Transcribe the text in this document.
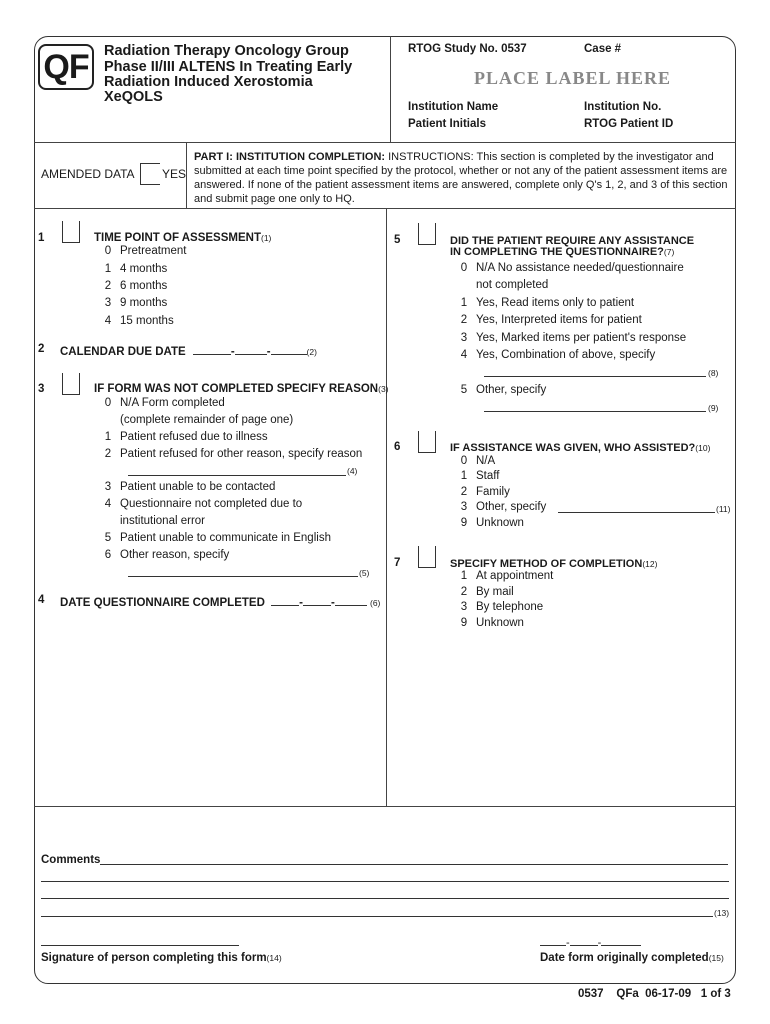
QF	Radiation Therapy Oncology Group
Phase II/III ALTENS In Treating Early
Radiation Induced Xerostomia
XeQOLS
RTOG Study No. 0537	Case #
PLACE LABEL HERE
Institution Name	Institution No.
Patient Initials	RTOG Patient ID
AMENDED DATA YES
PART I: INSTITUTION COMPLETION: INSTRUCTIONS: This section is completed by the investigator and
submitted at each time point specified by the protocol, whether or not any of the patient assessment items are
answered. If none of the patient assessment items are answered, complete only Q's 1, 2, and 3 of this section
and submit page one only to HQ.
1	TIME POINT OF ASSESSMENT(1)
0 Pretreatment
1 4 months
2 6 months
3 9 months
4 15 months
2 CALENDAR DUE DATE	-	-	(2)
3	IF FORM WAS NOT COMPLETED SPECIFY REASON(3)
0 N/A Form completed
(complete remainder of page one)
1 Patient refused due to illness
2 Patient refused for other reason, specify reason
(4)
3 Patient unable to be contacted
4 Questionnaire not completed due to
institutional error
5 Patient unable to communicate in English
6 Other reason, specify
(5)
4 DATE QUESTIONNAIRE COMPLETED	- -	(6)
5	DID THE PATIENT REQUIRE ANY ASSISTANCE
IN COMPLETING THE QUESTIONNAIRE?(7)
0 N/A No assistance needed/questionnaire
not completed
1 Yes, Read items only to patient
2 Yes, Interpreted items for patient
3 Yes, Marked items per patient's response
4 Yes, Combination of above, specify
(8)
5 Other, specify
(9)
6	IF ASSISTANCE WAS GIVEN, WHO ASSISTED?(10)
0 N/A
1 Staff
2 Family
3 Other, specify	(11)
9 Unknown
7	SPECIFY METHOD OF COMPLETION(12)
1 At appointment
2 By mail
3 By telephone
9 Unknown
Comments
(13)
Signature of person completing this form(14)
-	-
Date form originally completed(15)
0537 QFa 06-17-09 1 of 3
